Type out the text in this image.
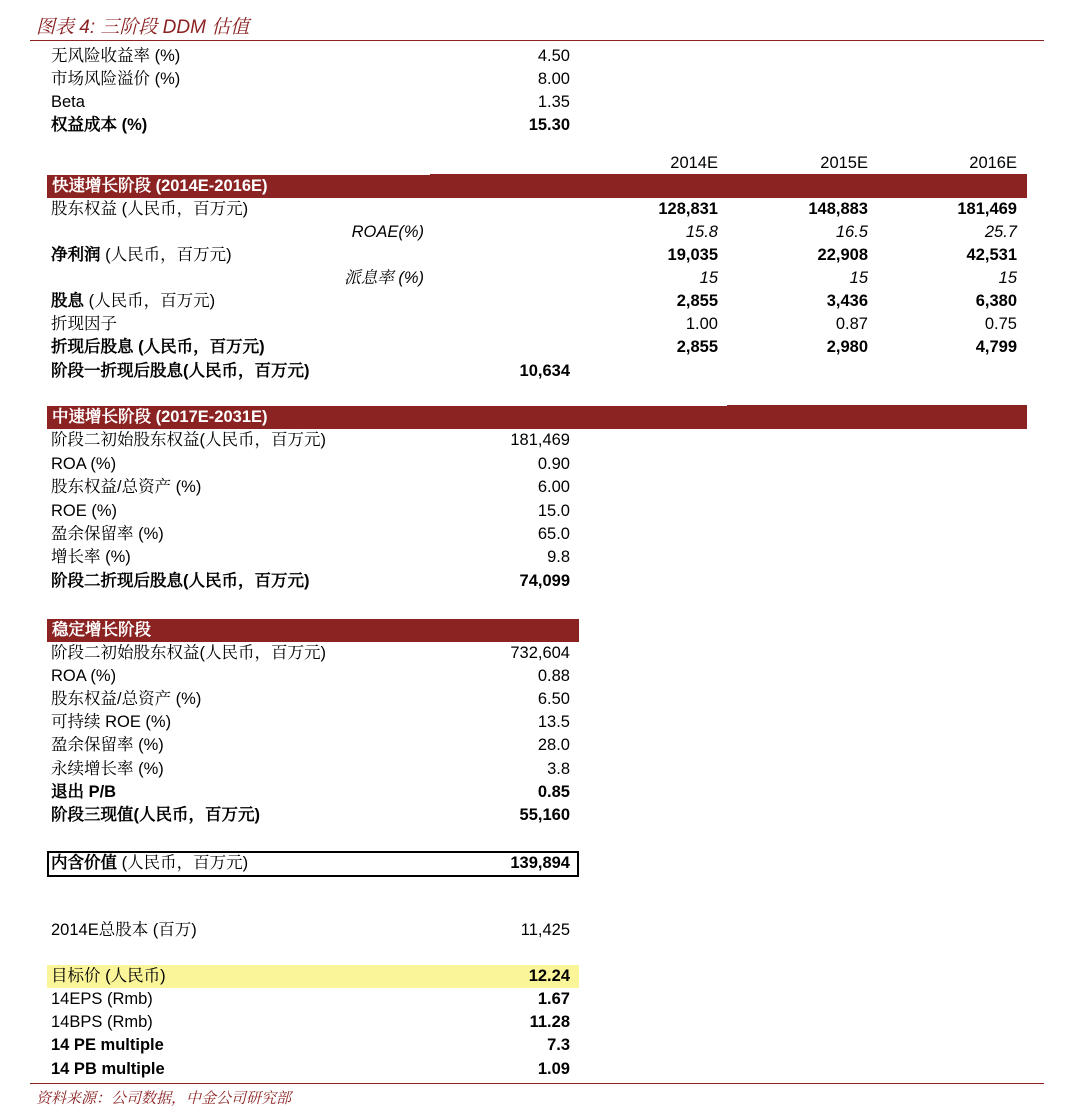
图表 4: 三阶段 DDM 估值
无风险收益率 (%)	4.50
市场风险溢价 (%)	8.00
Beta	1.35
权益成本 (%)	15.30
2014E	2015E	2016E
快速增长阶段 (2014E-2016E)
股东权益 (人民币，百万元)	128,831	148,883	181,469
ROAE(%)	15.8	16.5	25.7
净利润 (人民币，百万元)	19,035	22,908	42,531
派息率 (%)	15	15	15
股息 (人民币，百万元)	2,855	3,436	6,380
折现因子	1.00	0.87	0.75
折现后股息 (人民币，百万元)	2,855	2,980	4,799
阶段一折现后股息(人民币，百万元)	10,634
中速增长阶段 (2017E-2031E)
阶段二初始股东权益(人民币，百万元)	181,469
ROA (%)	0.90
股东权益/总资产 (%)	6.00
ROE (%)	15.0
盈余保留率 (%)	65.0
增长率 (%)	9.8
阶段二折现后股息(人民币，百万元)	74,099
稳定增长阶段
阶段二初始股东权益(人民币，百万元)	732,604
ROA (%)	0.88
股东权益/总资产 (%)	6.50
可持续 ROE (%)	13.5
盈余保留率 (%)	28.0
永续增长率 (%)	3.8
退出 P/B	0.85
阶段三现值(人民币，百万元)	55,160
内含价值 (人民币，百万元)	139,894
2014E总股本 (百万)	11,425
目标价 (人民币)	12.24
14EPS (Rmb)	1.67
14BPS (Rmb)	11.28
14 PE multiple	7.3
14 PB multiple	1.09
资料来源：公司数据，中金公司研究部
